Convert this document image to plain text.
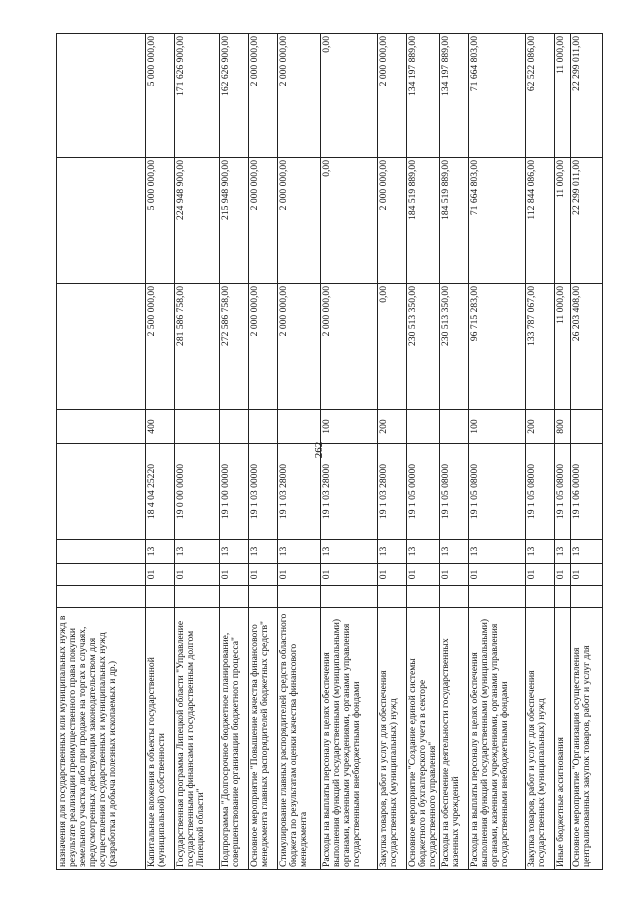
262
назначения для государственных или муниципальных нужд в результате реализации преимущественного права покупки земельного участка либо при продаже на торгах в случаях, предусмотренных действующим законодательством для осуществления государственных и муниципальных нужд (разработка и добыча полезных ископаемых и др.)								
Капитальные вложения в объекты государственной (муниципальной) собственности		01	13	18 4 04 25220	400	2 500 000,00	5 000 000,00	5 000 000,00
Государственная программа Липецкой области "Управление государственными финансами и государственным долгом Липецкой области"		01	13	19 0 00 00000		281 586 758,00	224 948 900,00	171 626 900,00
Подпрограмма "Долгосрочное бюджетное планирование, совершенствование организации бюджетного процесса"		01	13	19 1 00 00000		272 586 758,00	215 948 900,00	162 626 900,00
Основное мероприятие "Повышение качества финансового менеджмента главных распорядителей бюджетных средств"		01	13	19 1 03 00000		2 000 000,00	2 000 000,00	2 000 000,00
Стимулирование главных распорядителей средств областного бюджета по результатам оценки качества финансового менеджмента		01	13	19 1 03 28000		2 000 000,00	2 000 000,00	2 000 000,00
Расходы на выплаты персоналу в целях обеспечения выполнения функций государственными (муниципальными) органами, казенными учреждениями, органами управления государственными внебюджетными фондами		01	13	19 1 03 28000	100	2 000 000,00	0,00	0,00
Закупка товаров, работ и услуг для обеспечения государственных (муниципальных) нужд		01	13	19 1 03 28000	200	0,00	2 000 000,00	2 000 000,00
Основное мероприятие "Создание единой системы бюджетного и бухгалтерского учета в секторе государственного управления"		01	13	19 1 05 00000		230 513 350,00	184 519 889,00	134 197 889,00
Расходы на обеспечение деятельности государственных казенных учреждений		01	13	19 1 05 08000		230 513 350,00	184 519 889,00	134 197 889,00
Расходы на выплаты персоналу в целях обеспечения выполнения функций государственными (муниципальными) органами, казенными учреждениями, органами управления государственными внебюджетными фондами		01	13	19 1 05 08000	100	96 715 283,00	71 664 803,00	71 664 803,00
Закупка товаров, работ и услуг для обеспечения государственных (муниципальных) нужд		01	13	19 1 05 08000	200	133 787 067,00	112 844 086,00	62 522 086,00
Иные бюджетные ассигнования		01	13	19 1 05 08000	800	11 000,00	11 000,00	11 000,00
Основное мероприятие "Организация осуществления централизованных закупок товаров, работ и услуг для		01	13	19 1 06 00000		26 203 408,00	22 299 011,00	22 299 011,00
